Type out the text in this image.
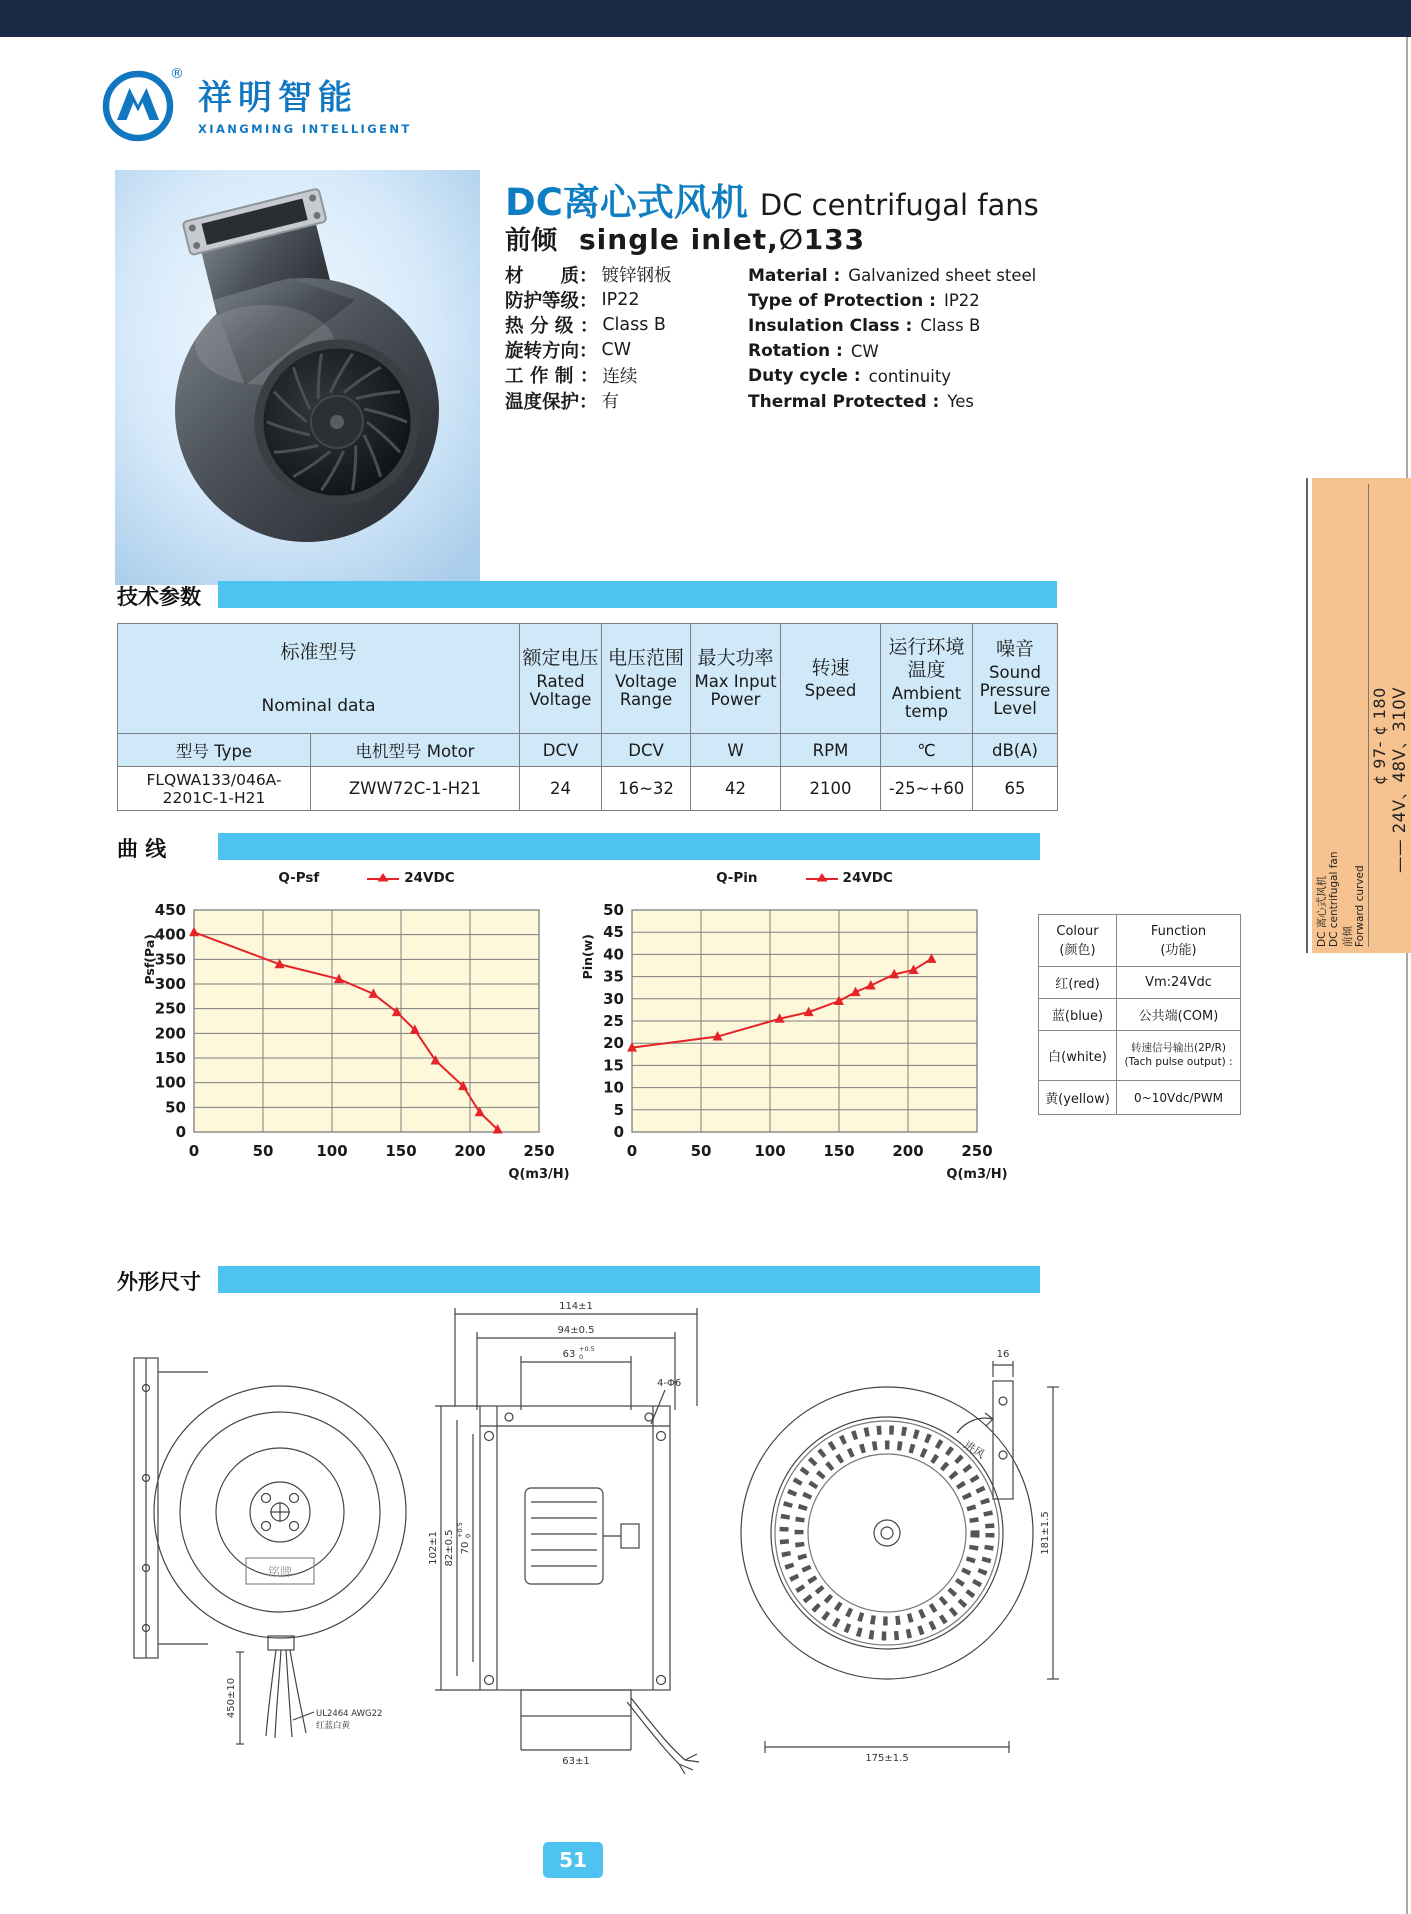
®
祥明智能
XIANGMING INTELLIGENT
DC离心式风机 DC centrifugal fans
前倾 single inlet,∅133
材　　质： 镀锌钢板
防护等级： IP22
热 分 级 ： Class B
旋转方向： CW
工 作 制 ： 连续
温度保护： 有
Material : Galvanized sheet steel
Type of Protection : IP22
Insulation Class : Class B
Rotation : CW
Duty cycle : continuity
Thermal Protected : Yes
DC 离心式风机 DC centrifugal fan 前倾 Forward curved
¢ 97- ¢ 180 —— 24V、48V、310V
技术参数
标准型号
Nominal data		额定电压
Rated Voltage	电压范围
Voltage Range	最大功率
Max Input Power	转速
Speed	运行环境温度
Ambient temp	噪音
Sound Pressure Level

型号 Type	电机型号 Motor	DCV	DCV	W	RPM	℃	dB(A)
FLQWA133/046A-2201C-1-H21	ZWW72C-1-H21	24	16~32	42	2100	-25~+60	65
曲 线
Q-Psf	24VDC
0
50
100
150
200
250
300
350
400
450
0	50	100	150	200	250
Psf(Pa)
Q(m3/H)
Q-Pin	24VDC
0
5
10
15
20
25
30
35
40
45
50
0	50	100	150	200	250
Pin(w)
Q(m3/H)
Colour
(颜色)	Function
(功能)
红(red)	Vm:24Vdc
蓝(blue)	公共端(COM)
白(white)	转速信号输出(2P/R)
(Tach pulse output) :

黄(yellow)	0~10Vdc/PWM
外形尺寸
铭牌
450±10	UL2464 AWG22
红蓝白黄
114±1
94±0.5
63 +0.5
0
4-Φ6
102±1 82±0.5 70
+0.5 0
63±1
16
181±1.5
175±1.5
进风
51
